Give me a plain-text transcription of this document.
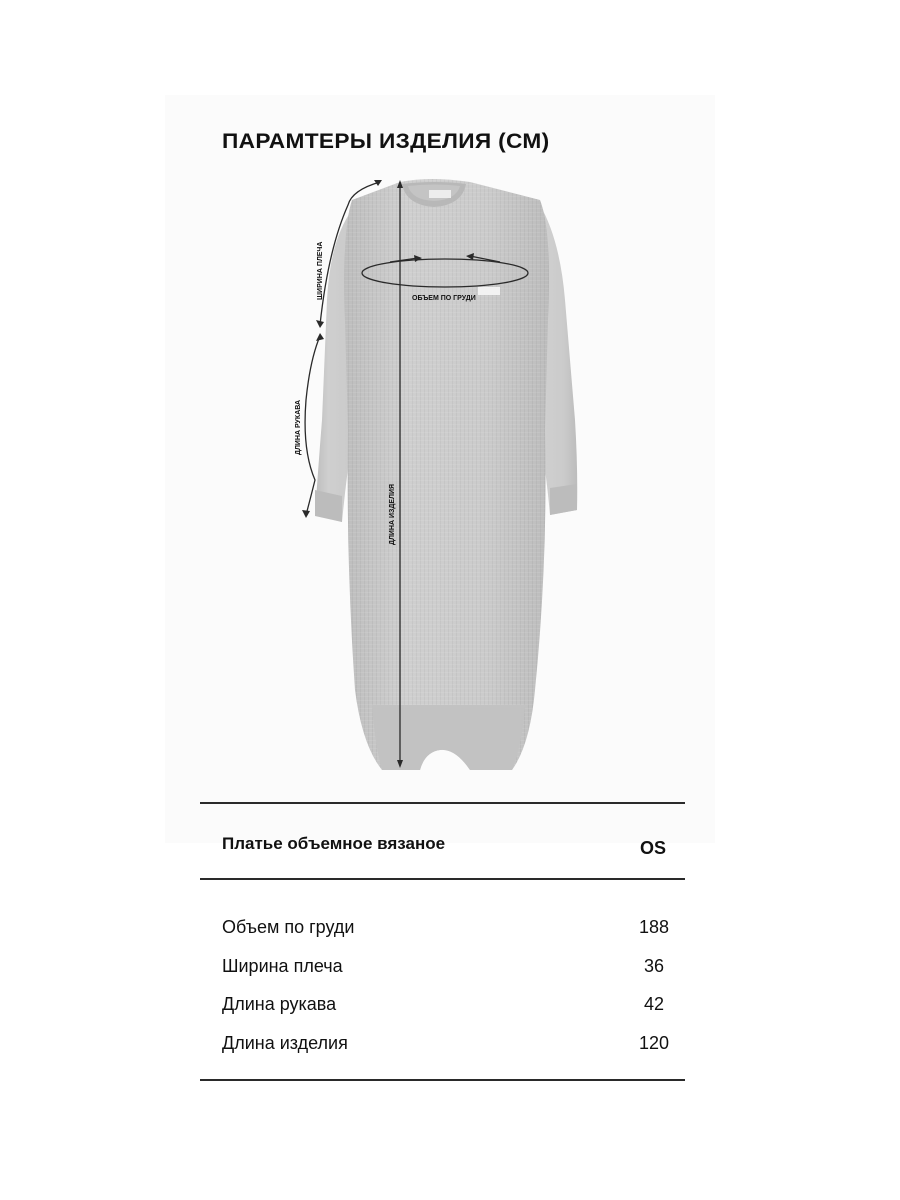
ПАРАМТЕРЫ ИЗДЕЛИЯ (СМ)
ОБЪЕМ ПО ГРУДИ
ШИРИНА ПЛЕЧА
ДЛИНА РУКАВА
ДЛИНА ИЗДЕЛИЯ
Платье объемное вязаное	OS
Объем по груди	188
Ширина плеча	36
Длина рукава	42
Длина изделия	120
